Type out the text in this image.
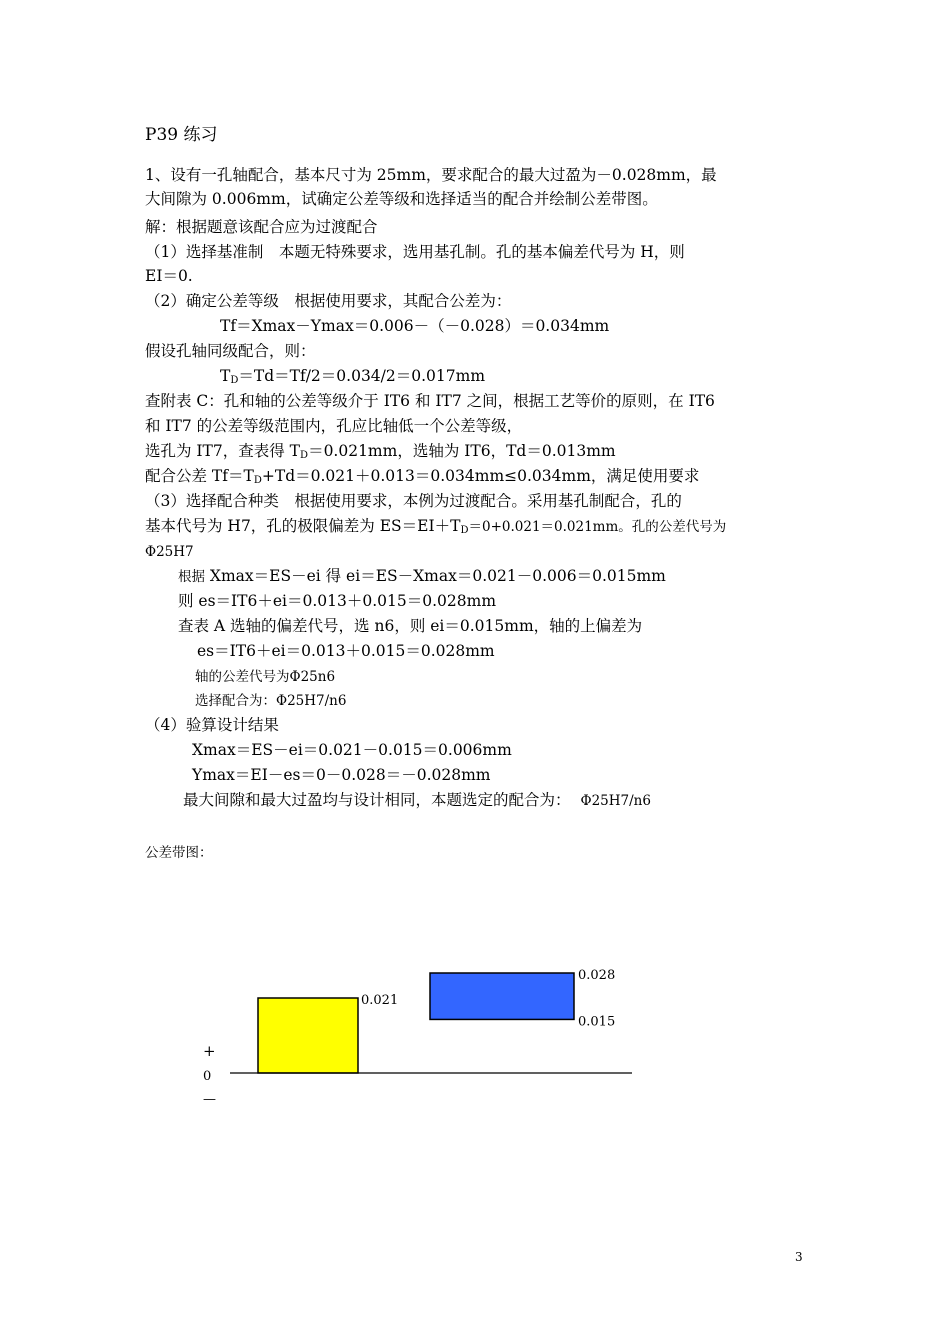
P39 练习
1、设有一孔轴配合，基本尺寸为 25mm，要求配合的最大过盈为－0.028mm，最
大间隙为 0.006mm，试确定公差等级和选择适当的配合并绘制公差带图。
解：根据题意该配合应为过渡配合
（1）选择基准制　本题无特殊要求，选用基孔制。孔的基本偏差代号为 H，则
EI＝0.
（2）确定公差等级　根据使用要求，其配合公差为：
Tf＝Xmax－Ymax＝0.006－（－0.028）＝0.034mm
假设孔轴同级配合，则：
$T_D=Td=Tf/2=0.034/2=0.017mm$
查附表 C：孔和轴的公差等级介于 IT6 和 IT7 之间，根据工艺等价的原则，在 IT6
和 IT7 的公差等级范围内，孔应比轴低一个公差等级，
选孔为 IT7，查表得 $T_D=0.021mm$，选轴为 IT6，Td＝0.013mm
配合公差 $Tf=T_D+Td=0.021+0.013=0.034mm\le 0.034mm$，满足使用要求
（3）选择配合种类　根据使用要求，本例为过渡配合。采用基孔制配合，孔的
基本代号为 H7，孔的极限偏差为 $ES=EI+T_D=0+0.021=0.021mm$。孔的公差代号为
Φ25H7
根据 Xmax＝ES－ei 得 ei＝ES－Xmax＝0.021－0.006＝0.015mm
则 es＝IT6＋ei＝0.013＋0.015＝0.028mm
查表 A 选轴的偏差代号，选 n6，则 ei＝0.015mm，轴的上偏差为
es＝IT6＋ei＝0.013＋0.015＝0.028mm
轴的公差代号为Φ25n6
选择配合为：Φ25H7/n6
（4）验算设计结果
Xmax＝ES－ei＝0.021－0.015＝0.006mm
Ymax＝EI－es＝0－0.028＝－0.028mm
最大间隙和最大过盈均与设计相同，本题选定的配合为： Φ25H7/n6
公差带图：
+
0
—
0.021
0.028
0.015
3
